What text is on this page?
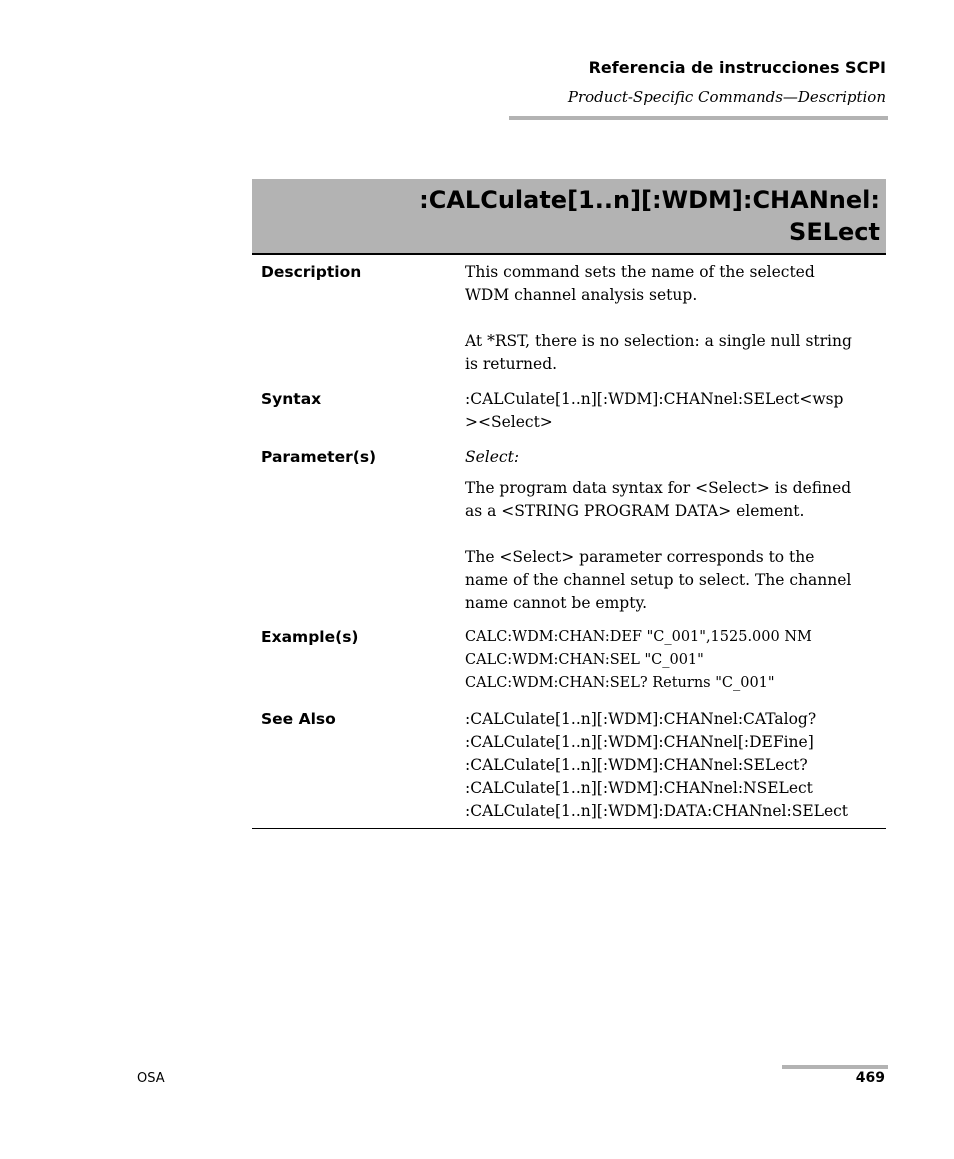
Referencia de instrucciones SCPI
Product-Specific Commands—Description
:CALCulate[1..n][:WDM]:CHANnel:
SELect
Description	This command sets the name of the selected

WDM channel analysis setup.

At *RST, there is no selection: a single null string

is returned.

Syntax	:CALCulate[1..n][:WDM]:CHANnel:SELect<wsp

><Select>

Parameter(s)	Select:

The program data syntax for <Select> is defined

as a <STRING PROGRAM DATA> element.

The <Select> parameter corresponds to the

name of the channel setup to select. The channel

name cannot be empty.

Example(s)	CALC:WDM:CHAN:DEF "C_001",1525.000 NM

CALC:WDM:CHAN:SEL "C_001"

CALC:WDM:CHAN:SEL? Returns "C_001"

See Also	:CALCulate[1..n][:WDM]:CHANnel:CATalog?

:CALCulate[1..n][:WDM]:CHANnel[:DEFine]

:CALCulate[1..n][:WDM]:CHANnel:SELect?

:CALCulate[1..n][:WDM]:CHANnel:NSELect

:CALCulate[1..n][:WDM]:DATA:CHANnel:SELect

OSA	469
